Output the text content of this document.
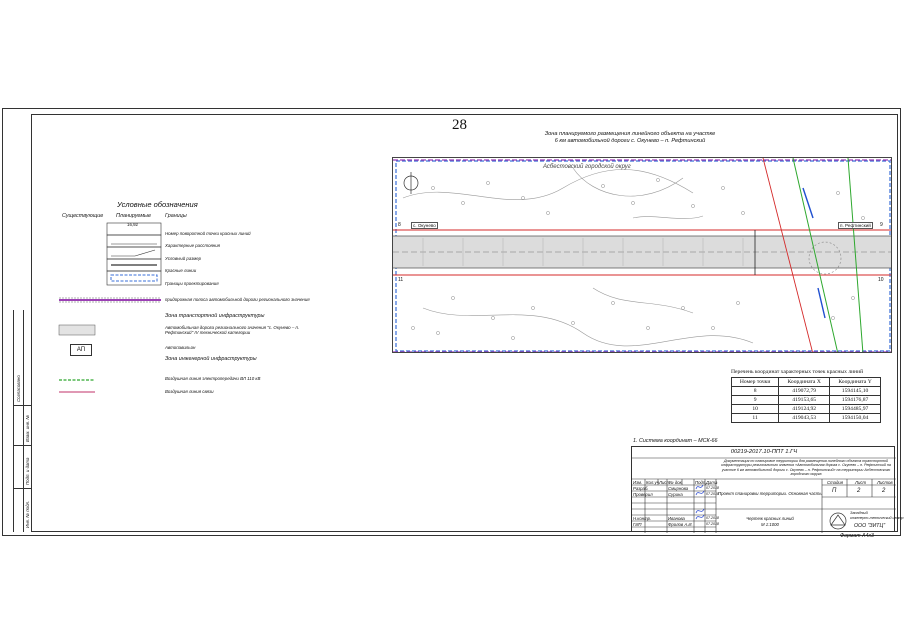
28
Зона планируемого размещения линейного объекта на участке
6 км автомобильной дороги с. Окунево – п. Рефтинский
Асбестовский городской округ
с. Окунево	п. Рефтинский
8	9
10
11
Условные обозначения
Существующие Планируемые	Границы
16,92
Номер поворотной точки красных линий
Характерные расстояния
Условный размер
Красные линии
Границы проектирования
придорожная полоса автомобильной дороги регионального значения
Зона транспортной инфраструктуры
Автомобильная дорога регионального значения "с. Окунево – п. Рефтинский" IV технической категории
АП	Автопавильон
Зона инженерной инфраструктуры
Воздушная линия электропередачи ВЛ 110 кВ
Воздушная линия связи
Перечень координат характерных точек красных линий
Номер точки	Координата Х	Координата Y
8	419072,79	1594145,10
9	419153,65	1594176,87
10	419124,92	1594485,97
11	419043,53	1594150,04
1. Система координат – МСК-66
00219-2017.10-ППТ 1.ГЧ
Документация по планировке территории для размещения линейного объекта транспортной инфраструктуры регионального значения «Автомобильная дорога с. Окунево – п. Рефтинский на участке 6 км автомобильной дороги с. Окунево – п. Рефтинский» на территории Асбестовского городского округа
Изм. Кол.уч.
Лист
№ док.	Подп. Дата
Разраб.	Смирнова	07.2018
Проверил	Сурина	07.2018
Н.контр.	Иванова	07.2018
ГИП	Фролов А.И.	07.2018
Проект планировки территории. Основная часть
Чертеж красных линий
М 1:1000
Стадия	Лист	Листов
П	2	2
Западный
инженерно-технический центр
ООО "ЗИТЦ"
Формат А4х3
Согласовано
Взам. инв. №
Подп. и дата
Инв. № подл.
